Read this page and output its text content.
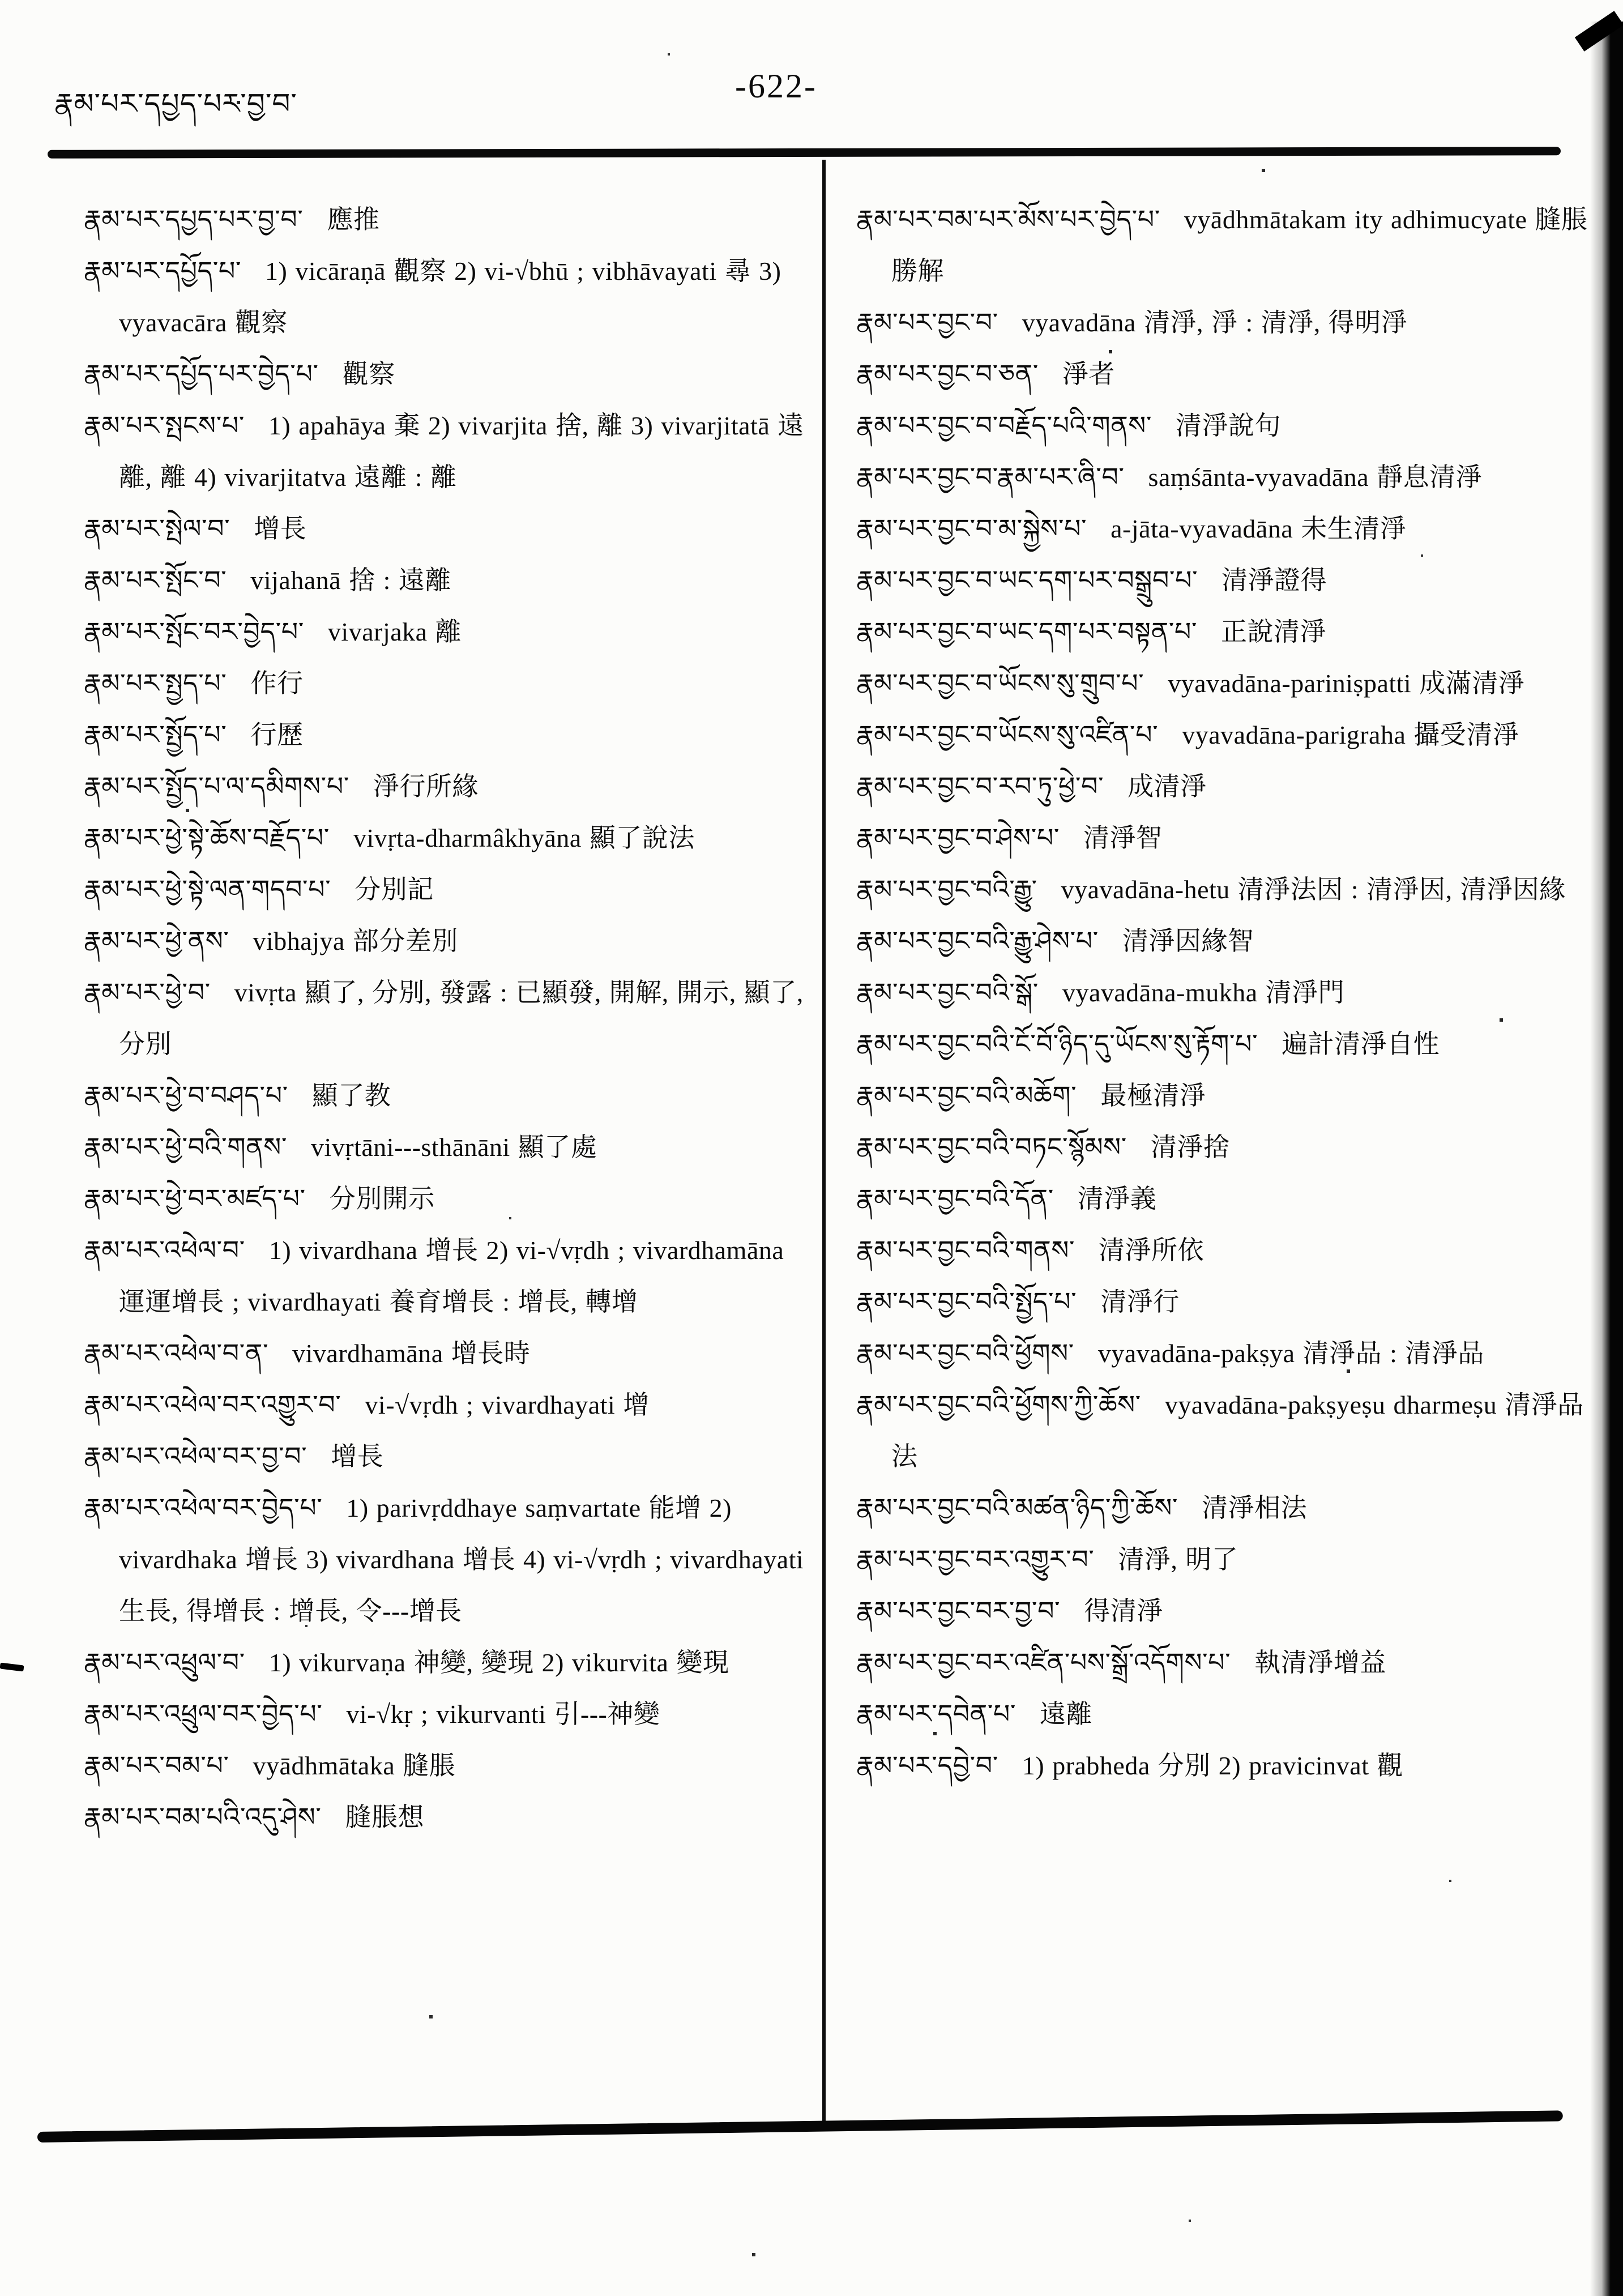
རྣམ་པར་དཔྱད་པར་བྱ་བ་	-622-

རྣམ་པར་དཔྱད་པར་བྱ་བ་ 應推

རྣམ་པར་དཔྱོད་པ་ 1) vicāraṇā 觀察 2) vi-√bhū ; vibhāvayati 尋 3) vyavacāra 觀察

རྣམ་པར་དཔྱོད་པར་བྱེད་པ་ 觀察

རྣམ་པར་སྤངས་པ་ 1) apahāya 棄 2) vivarjita 捨, 離 3) vivarjitatā 遠離, 離 4) vivarjitatva 遠離 : 離

རྣམ་པར་སྤེལ་བ་ 增長

རྣམ་པར་སྤོང་བ་ vijahanā 捨 : 遠離

རྣམ་པར་སྤོང་བར་བྱེད་པ་ vivarjaka 離

རྣམ་པར་སྤྱད་པ་ 作行

རྣམ་པར་སྤྱོད་པ་ 行歷

རྣམ་པར་སྤྱོད་པ་ལ་དམིགས་པ་ 淨行所緣

རྣམ་པར་ཕྱེ་སྟེ་ཆོས་བརྗོད་པ་ vivṛta-dharmâkhyāna 顯了說法

རྣམ་པར་ཕྱེ་སྟེ་ལན་གདབ་པ་ 分別記

རྣམ་པར་ཕྱེ་ནས་ vibhajya 部分差別

རྣམ་པར་ཕྱེ་བ་ vivṛta 顯了, 分別, 發露 : 已顯發, 開解, 開示, 顯了, 分別

རྣམ་པར་ཕྱེ་བ་བཤད་པ་ 顯了教

རྣམ་པར་ཕྱེ་བའི་གནས་ vivṛtāni---sthānāni 顯了處

རྣམ་པར་ཕྱེ་བར་མཛད་པ་ 分別開示

རྣམ་པར་འཕེལ་བ་ 1) vivardhana 增長 2) vi-√vṛdh ; vivardhamāna 運運增長 ; vivardhayati 養育增長 : 增長, 轉增

རྣམ་པར་འཕེལ་བ་ན་ vivardhamāna 增長時

རྣམ་པར་འཕེལ་བར་འགྱུར་བ་ vi-√vṛdh ; vivardhayati 增

རྣམ་པར་འཕེལ་བར་བྱ་བ་ 增長

རྣམ་པར་འཕེལ་བར་བྱེད་པ་ 1) parivṛddhaye saṃvartate 能增 2) vivardhaka 增長 3) vivardhana 增長 4) vi-√vṛdh ; vivardhayati 生長, 得增長 : 增長, 令---增長

རྣམ་པར་འཕྲུལ་བ་ 1) vikurvaṇa 神變, 變現 2) vikurvita 變現

རྣམ་པར་འཕྲུལ་བར་བྱེད་པ་ vi-√kṛ ; vikurvanti 引---神變

རྣམ་པར་བམ་པ་ vyādhmātaka 膖脹

རྣམ་པར་བམ་པའི་འདུ་ཤེས་ 膖脹想

རྣམ་པར་བམ་པར་མོས་པར་བྱེད་པ་ vyādhmātakam ity adhimucyate 膖脹勝解

རྣམ་པར་བྱང་བ་ vyavadāna 清淨, 淨 : 清淨, 得明淨

རྣམ་པར་བྱང་བ་ཅན་ 淨者

རྣམ་པར་བྱང་བ་བརྗོད་པའི་གནས་ 清淨說句

རྣམ་པར་བྱང་བ་རྣམ་པར་ཞི་བ་ saṃśānta-vyavadāna 靜息清淨

རྣམ་པར་བྱང་བ་མ་སྐྱེས་པ་ a-jāta-vyavadāna 未生清淨

རྣམ་པར་བྱང་བ་ཡང་དག་པར་བསྒྲུབ་པ་ 清淨證得

རྣམ་པར་བྱང་བ་ཡང་དག་པར་བསྟན་པ་ 正說清淨

རྣམ་པར་བྱང་བ་ཡོངས་སུ་གྲུབ་པ་ vyavadāna-pariniṣpatti 成滿清淨

རྣམ་པར་བྱང་བ་ཡོངས་སུ་འཛིན་པ་ vyavadāna-parigraha 攝受清淨

རྣམ་པར་བྱང་བ་རབ་ཏུ་ཕྱེ་བ་ 成清淨

རྣམ་པར་བྱང་བ་ཤེས་པ་ 清淨智

རྣམ་པར་བྱང་བའི་རྒྱུ་ vyavadāna-hetu 清淨法因 : 清淨因, 清淨因緣

རྣམ་པར་བྱང་བའི་རྒྱུ་ཤེས་པ་ 清淨因緣智

རྣམ་པར་བྱང་བའི་སྒོ་ vyavadāna-mukha 清淨門

རྣམ་པར་བྱང་བའི་ངོ་བོ་ཉིད་དུ་ཡོངས་སུ་རྟོག་པ་ 遍計清淨自性

རྣམ་པར་བྱང་བའི་མཆོག་ 最極清淨

རྣམ་པར་བྱང་བའི་བཏང་སྙོམས་ 清淨捨

རྣམ་པར་བྱང་བའི་དོན་ 清淨義

རྣམ་པར་བྱང་བའི་གནས་ 清淨所依

རྣམ་པར་བྱང་བའི་སྤྱོད་པ་ 清淨行

རྣམ་པར་བྱང་བའི་ཕྱོགས་ vyavadāna-pakṣya 清淨品 : 清淨品

རྣམ་པར་བྱང་བའི་ཕྱོགས་ཀྱི་ཆོས་ vyavadāna-pakṣyeṣu dharmeṣu 清淨品法

རྣམ་པར་བྱང་བའི་མཚན་ཉིད་ཀྱི་ཆོས་ 清淨相法

རྣམ་པར་བྱང་བར་འགྱུར་བ་ 清淨, 明了

རྣམ་པར་བྱང་བར་བྱ་བ་ 得清淨

རྣམ་པར་བྱང་བར་འཛིན་པས་སྒྲོ་འདོགས་པ་ 執清淨增益

རྣམ་པར་དབེན་པ་ 遠離

རྣམ་པར་དབྱེ་བ་ 1) prabheda 分別 2) pravicinvat 觀
